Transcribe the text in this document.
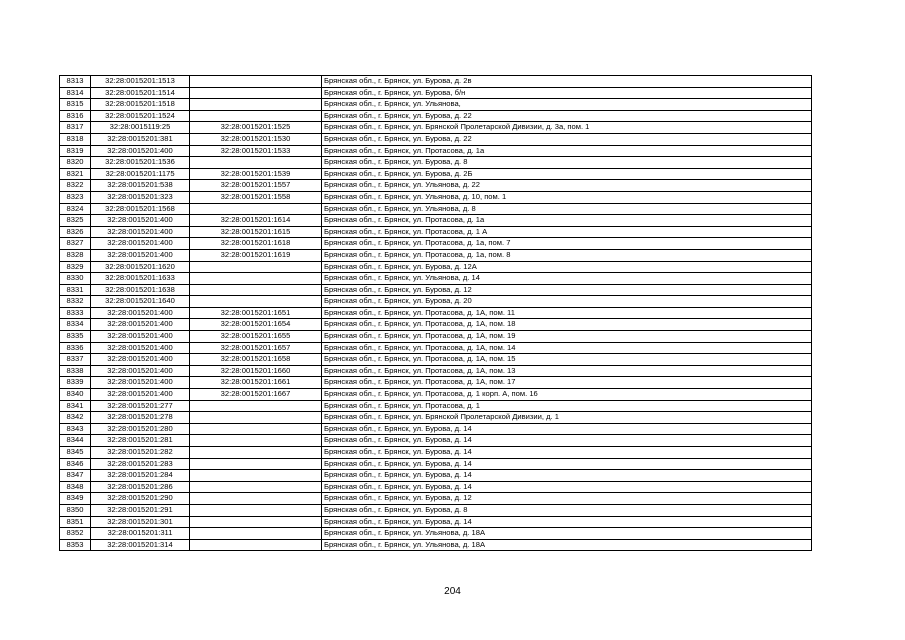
8313	32:28:0015201:1513		Брянская обл., г. Брянск, ул. Бурова, д. 2в
8314	32:28:0015201:1514		Брянская обл., г. Брянск, ул. Бурова, б/н
8315	32:28:0015201:1518		Брянская обл., г. Брянск, ул. Ульянова,
8316	32:28:0015201:1524		Брянская обл., г. Брянск, ул. Бурова, д. 22
8317	32:28:0015119:25	32:28:0015201:1525	Брянская обл., г. Брянск, ул. Брянской Пролетарской Дивизии, д. 3а, пом. 1
8318	32:28:0015201:381	32:28:0015201:1530	Брянская обл., г. Брянск, ул. Бурова, д. 22
8319	32:28:0015201:400	32:28:0015201:1533	Брянская обл., г. Брянск, ул. Протасова, д. 1а
8320	32:28:0015201:1536		Брянская обл., г. Брянск, ул. Бурова, д. 8
8321	32:28:0015201:1175	32:28:0015201:1539	Брянская обл., г. Брянск, ул. Бурова, д. 2Б
8322	32:28:0015201:538	32:28:0015201:1557	Брянская обл., г. Брянск, ул. Ульянова, д. 22
8323	32:28:0015201:323	32:28:0015201:1558	Брянская обл., г. Брянск, ул. Ульянова, д. 10, пом. 1
8324	32:28:0015201:1568		Брянская обл., г. Брянск, ул. Ульянова, д. 8
8325	32:28:0015201:400	32:28:0015201:1614	Брянская обл., г. Брянск, ул. Протасова, д. 1а
8326	32:28:0015201:400	32:28:0015201:1615	Брянская обл., г. Брянск, ул. Протасова, д. 1 А
8327	32:28:0015201:400	32:28:0015201:1618	Брянская обл., г. Брянск, ул. Протасова, д. 1а, пом. 7
8328	32:28:0015201:400	32:28:0015201:1619	Брянская обл., г. Брянск, ул. Протасова, д. 1а, пом. 8
8329	32:28:0015201:1620		Брянская обл., г. Брянск, ул. Бурова, д. 12А
8330	32:28:0015201:1633		Брянская обл., г. Брянск, ул. Ульянова, д. 14
8331	32:28:0015201:1638		Брянская обл., г. Брянск, ул. Бурова, д. 12
8332	32:28:0015201:1640		Брянская обл., г. Брянск, ул. Бурова, д. 20
8333	32:28:0015201:400	32:28:0015201:1651	Брянская обл., г. Брянск, ул. Протасова, д. 1А, пом. 11
8334	32:28:0015201:400	32:28:0015201:1654	Брянская обл., г. Брянск, ул. Протасова, д. 1А, пом. 18
8335	32:28:0015201:400	32:28:0015201:1655	Брянская обл., г. Брянск, ул. Протасова, д. 1А, пом. 19
8336	32:28:0015201:400	32:28:0015201:1657	Брянская обл., г. Брянск, ул. Протасова, д. 1А, пом. 14
8337	32:28:0015201:400	32:28:0015201:1658	Брянская обл., г. Брянск, ул. Протасова, д. 1А, пом. 15
8338	32:28:0015201:400	32:28:0015201:1660	Брянская обл., г. Брянск, ул. Протасова, д. 1А, пом. 13
8339	32:28:0015201:400	32:28:0015201:1661	Брянская обл., г. Брянск, ул. Протасова, д. 1А, пом. 17
8340	32:28:0015201:400	32:28:0015201:1667	Брянская обл., г. Брянск, ул. Протасова, д. 1 корп. А, пом. 16
8341	32:28:0015201:277		Брянская обл., г. Брянск, ул. Протасова, д. 1
8342	32:28:0015201:278		Брянская обл., г. Брянск, ул. Брянской Пролетарской Дивизии, д. 1
8343	32:28:0015201:280		Брянская обл., г. Брянск, ул. Бурова, д. 14
8344	32:28:0015201:281		Брянская обл., г. Брянск, ул. Бурова, д. 14
8345	32:28:0015201:282		Брянская обл., г. Брянск, ул. Бурова, д. 14
8346	32:28:0015201:283		Брянская обл., г. Брянск, ул. Бурова, д. 14
8347	32:28:0015201:284		Брянская обл., г. Брянск, ул. Бурова, д. 14
8348	32:28:0015201:286		Брянская обл., г. Брянск, ул. Бурова, д. 14
8349	32:28:0015201:290		Брянская обл., г. Брянск, ул. Бурова, д. 12
8350	32:28:0015201:291		Брянская обл., г. Брянск, ул. Бурова, д. 8
8351	32:28:0015201:301		Брянская обл., г. Брянск, ул. Бурова, д. 14
8352	32:28:0015201:311		Брянская обл., г. Брянск, ул. Ульянова, д. 18А
8353	32:28:0015201:314		Брянская обл., г. Брянск, ул. Ульянова, д. 18А
204
